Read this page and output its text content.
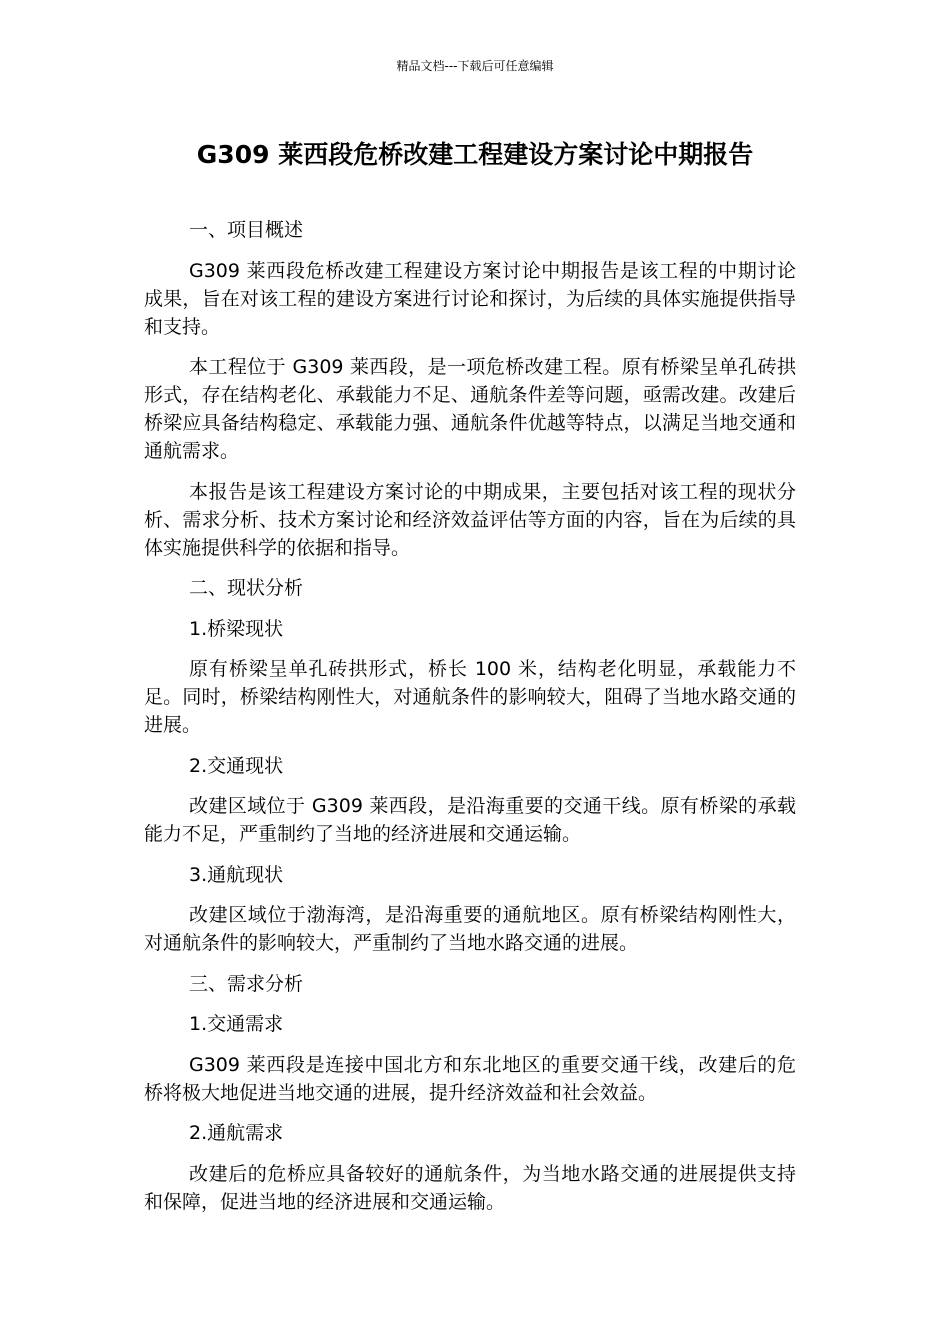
精品文档---下载后可任意编辑
G309 莱西段危桥改建工程建设方案讨论中期报告

一、项目概述

G309 莱西段危桥改建工程建设方案讨论中期报告是该工程的中期讨论成果，旨在对该工程的建设方案进行讨论和探讨，为后续的具体实施提供指导和支持。

本工程位于 G309 莱西段，是一项危桥改建工程。原有桥梁呈单孔砖拱形式，存在结构老化、承载能力不足、通航条件差等问题，亟需改建。改建后桥梁应具备结构稳定、承载能力强、通航条件优越等特点，以满足当地交通和通航需求。

本报告是该工程建设方案讨论的中期成果，主要包括对该工程的现状分析、需求分析、技术方案讨论和经济效益评估等方面的内容，旨在为后续的具体实施提供科学的依据和指导。

二、现状分析

1.桥梁现状

原有桥梁呈单孔砖拱形式，桥长 100 米，结构老化明显，承载能力不足。同时，桥梁结构刚性大，对通航条件的影响较大，阻碍了当地水路交通的进展。

2.交通现状

改建区域位于 G309 莱西段，是沿海重要的交通干线。原有桥梁的承载能力不足，严重制约了当地的经济进展和交通运输。

3.通航现状

改建区域位于渤海湾，是沿海重要的通航地区。原有桥梁结构刚性大，对通航条件的影响较大，严重制约了当地水路交通的进展。

三、需求分析

1.交通需求

G309 莱西段是连接中国北方和东北地区的重要交通干线，改建后的危桥将极大地促进当地交通的进展，提升经济效益和社会效益。

2.通航需求

改建后的危桥应具备较好的通航条件，为当地水路交通的进展提供支持和保障，促进当地的经济进展和交通运输。
